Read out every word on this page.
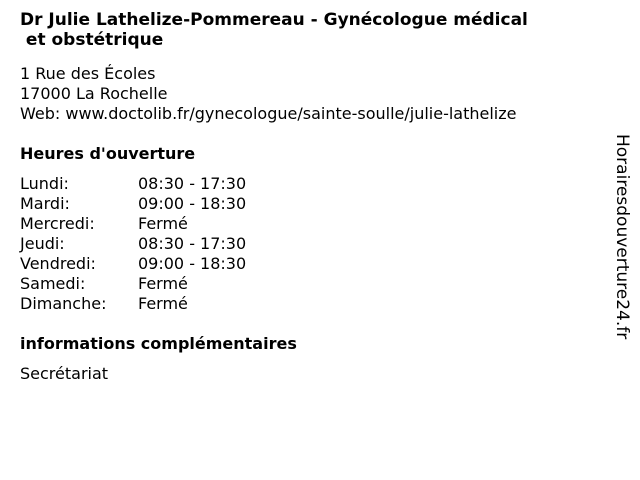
Dr Julie Lathelize-Pommereau - Gynécologue médical
et obstétrique
1 Rue des Écoles
17000 La Rochelle
Web: www.doctolib.fr/gynecologue/sainte-soulle/julie-lathelize
Heures d'ouverture
Lundi:	08:30 - 17:30
Mardi:	09:00 - 18:30
Mercredi:	Fermé
Jeudi:	08:30 - 17:30
Vendredi:	09:00 - 18:30
Samedi:	Fermé
Dimanche: Fermé
informations complémentaires
Secrétariat
Horairesdouverture24.fr
